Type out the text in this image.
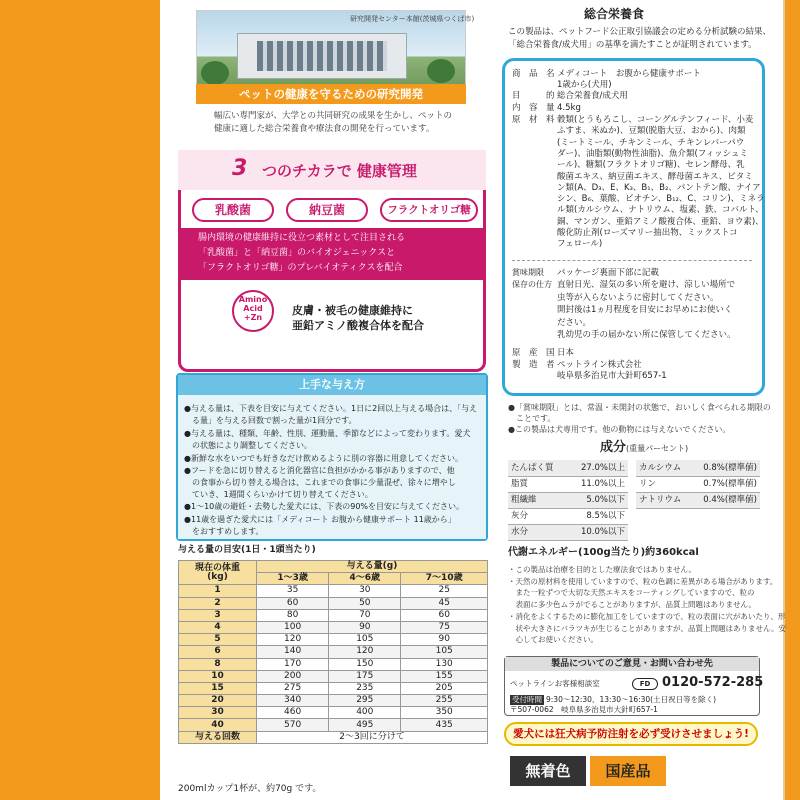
研究開発センター本館(茨城県つくば市)
ペットの健康を守るための研究開発
幅広い専門家が、大学との共同研究の成果を生かし、ペットの
健康に適した総合栄養食や療法食の開発を行っています。
3 つのチカラで 健康管理
乳酸菌	納豆菌	フラクトオリゴ糖
腸内環境の健康維持に役立つ素材として注目される
「乳酸菌」と「納豆菌」のバイオジェニックスと
「フラクトオリゴ糖」のプレバイオティクスを配合
Amino
Acid
+Zn
皮膚・被毛の健康維持に
亜鉛アミノ酸複合体を配合
上手な与え方
●与える量は、下表を目安に与えてください。1日に2回以上与える場合は、「与え
　る量」を与える回数で割った量が1回分です。
●与える量は、種類、年齢、性別、運動量、季節などによって変わります。愛犬
　の状態により調整してください。
●新鮮な水をいつでも好きなだけ飲めるように別の容器に用意してください。
●フードを急に切り替えると消化器官に負担がかかる事がありますので、他
　の食事から切り替える場合は、これまでの食事に少量混ぜ、徐々に増やし
　ていき、1週間くらいかけて切り替えてください。
●1～10歳の避妊・去勢した愛犬には、下表の90%を目安に与えてください。
●11歳を過ぎた愛犬には「メディコート お腹から健康サポート 11歳から」
　をおすすめします。
与える量の目安(1日・1頭当たり)
現在の体重
(kg)	与える量(g)		
	1～3歳	4～6歳	7～10歳
1	35	30	25
2	60	50	45
3	80	70	60
4	100	90	75
5	120	105	90
6	140	120	105
8	170	150	130
10	200	175	155
15	275	235	205
20	340	295	255
30	460	400	350
40	570	495	435
与える回数	2～3回に分けて		
200mlカップ1杯が、約70g です。
総合栄養食
この製品は、ペットフード公正取引協議会の定める分析試験の結果、
「総合栄養食/成犬用」の基準を満たすことが証明されています。
商　品　名 メディコート　お腹から健康サポート
1歳から(犬用)
目　　　的 総合栄養食/成犬用
内　容　量 4.5kg
原　材　料 穀類(とうもろこし、コーングルテンフィード、小麦
ふすま、米ぬか)、豆類(脱脂大豆、おから)、肉類
(ミートミール、チキンミール、チキンレバーパウ
ダー)、油脂類(動物性油脂)、魚介類(フィッシュミ
ール)、糖類(フラクトオリゴ糖)、セレン酵母、乳
酸菌エキス、納豆菌エキス、酵母菌エキス、ビタミ
ン類(A、D₃、E、K₃、B₁、B₂、パントテン酸、ナイア
シン、B₆、葉酸、ビオチン、B₁₂、C、コリン)、ミネラ
ル類(カルシウム、ナトリウム、塩素、鉄、コバルト、
銅、マンガン、亜鉛アミノ酸複合体、亜鉛、ヨウ素)、
酸化防止剤(ローズマリー抽出物、ミックストコ
フェロール)
賞味期限 パッケージ裏面下部に記載
保存の仕方 直射日光、湿気の多い所を避け、涼しい場所で
虫等が入らないように密封してください。
開封後は1ヵ月程度を目安にお早めにお使いく
ださい。
乳幼児の手の届かない所に保管してください。
原　産　国 日本
製　造　者 ペットライン株式会社
岐阜県多治見市大針町657-1
●「賞味期限」とは、常温・未開封の状態で、おいしく食べられる期限の
　ことです。
●この製品は犬専用です。他の動物には与えないでください。
成分(重量パーセント)
たんぱく質	27.0%以上
脂質	11.0%以上
粗繊維	5.0%以下
灰分	8.5%以下
水分	10.0%以下
カルシウム	0.8%(標準値)
リン	0.7%(標準値)
ナトリウム	0.4%(標準値)
代謝エネルギー(100g当たり)約360kcal
・この製品は治療を目的とした療法食ではありません。
・天然の原材料を使用していますので、粒の色調に差異がある場合があります。
　また一粒ずつで大切な天然エキスをコーティングしていますので、粒の
　表面に多少色ムラがでることがありますが、品質上問題はありません。
・消化をよくするために膨化加工をしていますので、粒の表面に穴があいたり、形
　状や大きさにバラツキが生じることがありますが、品質上問題はありません。安
　心してお使いください。
製品についてのご意見・お問い合わせ先
ペットラインお客様相談室	FD 0120-572-285
受付時間 9:30～12:30、13:30～16:30(土日祝日等を除く)
〒507-0062　岐阜県多治見市大針町657-1
愛犬には狂犬病予防注射を必ず受けさせましょう!
無着色	国産品
